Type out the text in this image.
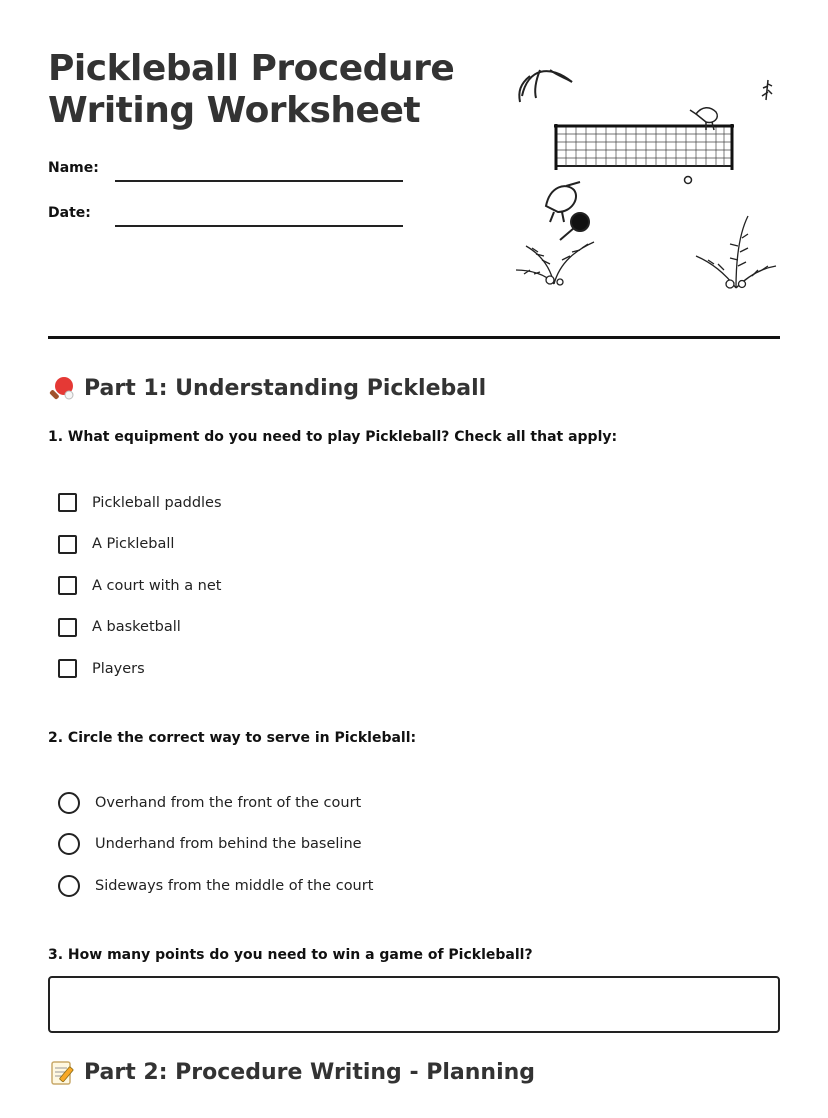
Pickleball Procedure
Writing Worksheet
Name:
Date:
Part 1: Understanding Pickleball

1. What equipment do you need to play Pickleball? Check all that apply:

Pickleball paddles
A Pickleball
A court with a net
A basketball
Players

2. Circle the correct way to serve in Pickleball:

Overhand from the front of the court
Underhand from behind the baseline
Sideways from the middle of the court

3. How many points do you need to win a game of Pickleball?

Part 2: Procedure Writing - Planning
